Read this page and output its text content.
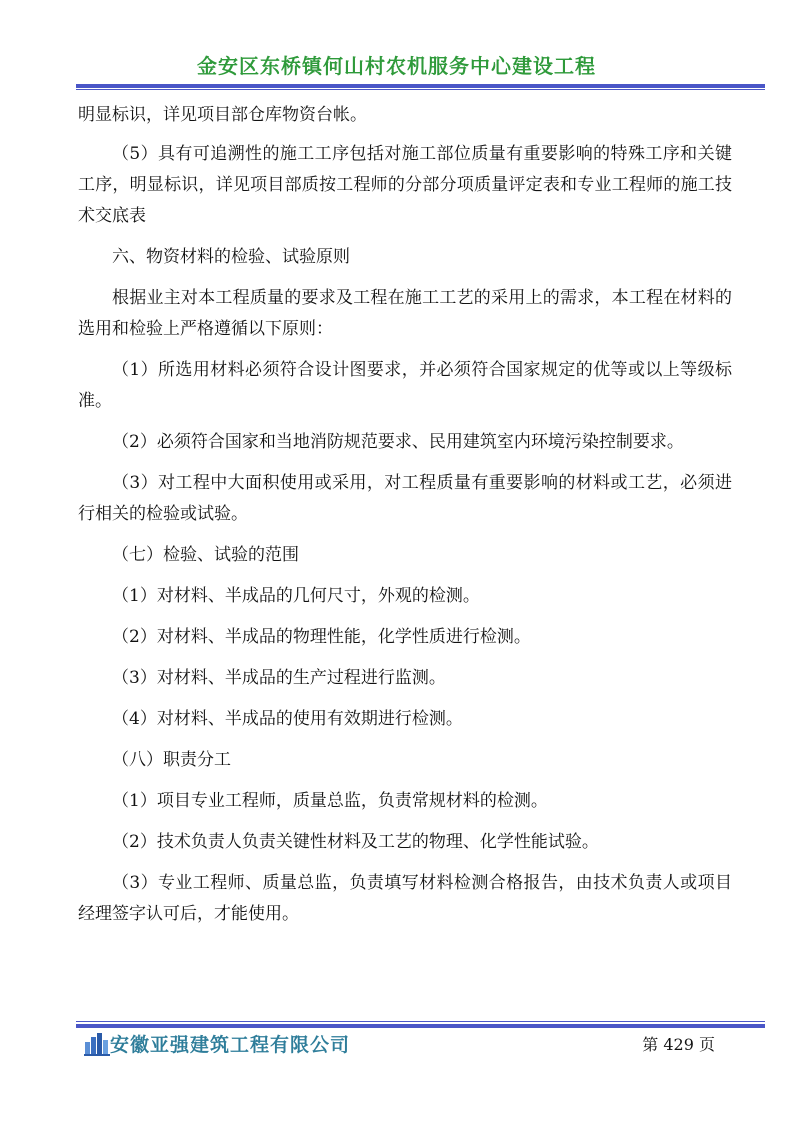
金安区东桥镇何山村农机服务中心建设工程

明显标识，详见项目部仓库物资台帐。

（5）具有可追溯性的施工工序包括对施工部位质量有重要影响的特殊工序和关键工序，明显标识，详见项目部质按工程师的分部分项质量评定表和专业工程师的施工技术交底表

六、物资材料的检验、试验原则

根据业主对本工程质量的要求及工程在施工工艺的采用上的需求，本工程在材料的选用和检验上严格遵循以下原则：

（1）所选用材料必须符合设计图要求，并必须符合国家规定的优等或以上等级标准。

（2）必须符合国家和当地消防规范要求、民用建筑室内环境污染控制要求。

（3）对工程中大面积使用或采用，对工程质量有重要影响的材料或工艺，必须进行相关的检验或试验。

（七）检验、试验的范围

（1）对材料、半成品的几何尺寸，外观的检测。

（2）对材料、半成品的物理性能，化学性质进行检测。

（3）对材料、半成品的生产过程进行监测。

（4）对材料、半成品的使用有效期进行检测。

（八）职责分工

（1）项目专业工程师，质量总监，负责常规材料的检测。

（2）技术负责人负责关键性材料及工艺的物理、化学性能试验。

（3）专业工程师、质量总监，负责填写材料检测合格报告，由技术负责人或项目经理签字认可后，才能使用。

安徽亚强建筑工程有限公司	第 429 页
